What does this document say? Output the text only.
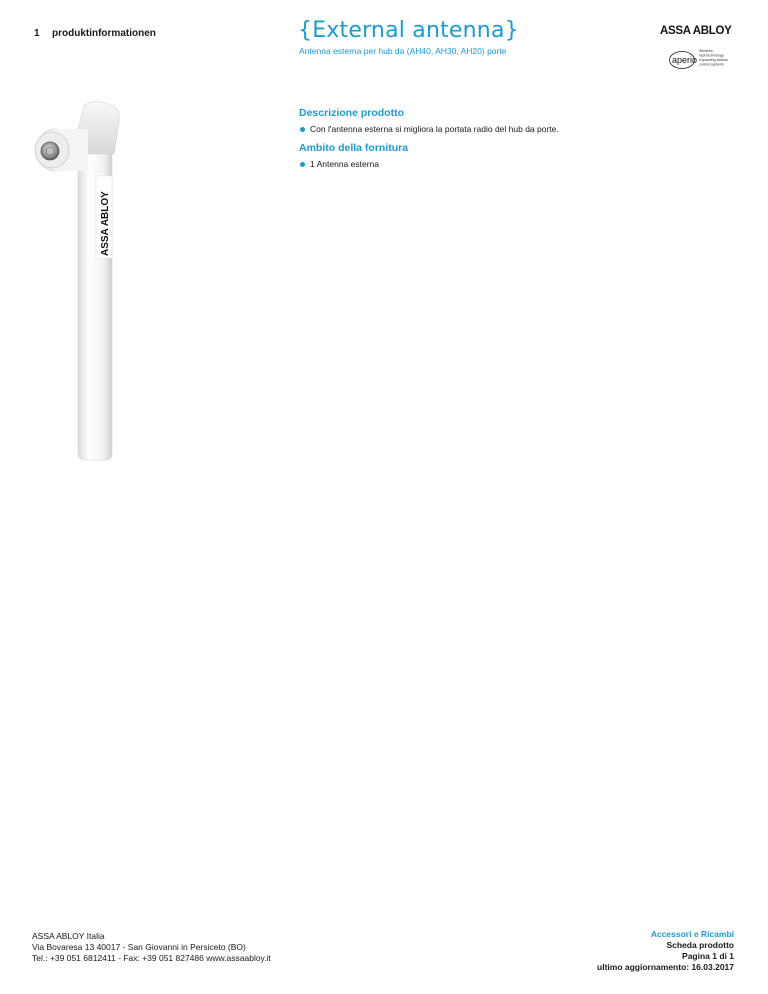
1 produktinformationen	{External antenna}
Antenna esterna per hub da (AH40, AH30, AH20) porte
ASSA ABLOY
aperio
Wireless
lock technology
expanding access
control systems
ASSA ABLOY
Descrizione prodotto
Con l'antenna esterna si migliora la portata radio del hub da porte.
Ambito della fornitura
1 Antenna esterna
ASSA ABLOY Italia
Via Bovaresa 13 40017 - San Giovanni in Persiceto (BO)
Tel.: +39 051 6812411 - Fax: +39 051 827486 www.assaabloy.it
Accessori e Ricambi
Scheda prodotto
Pagina 1 di 1
ultimo aggiornamento: 16.03.2017
